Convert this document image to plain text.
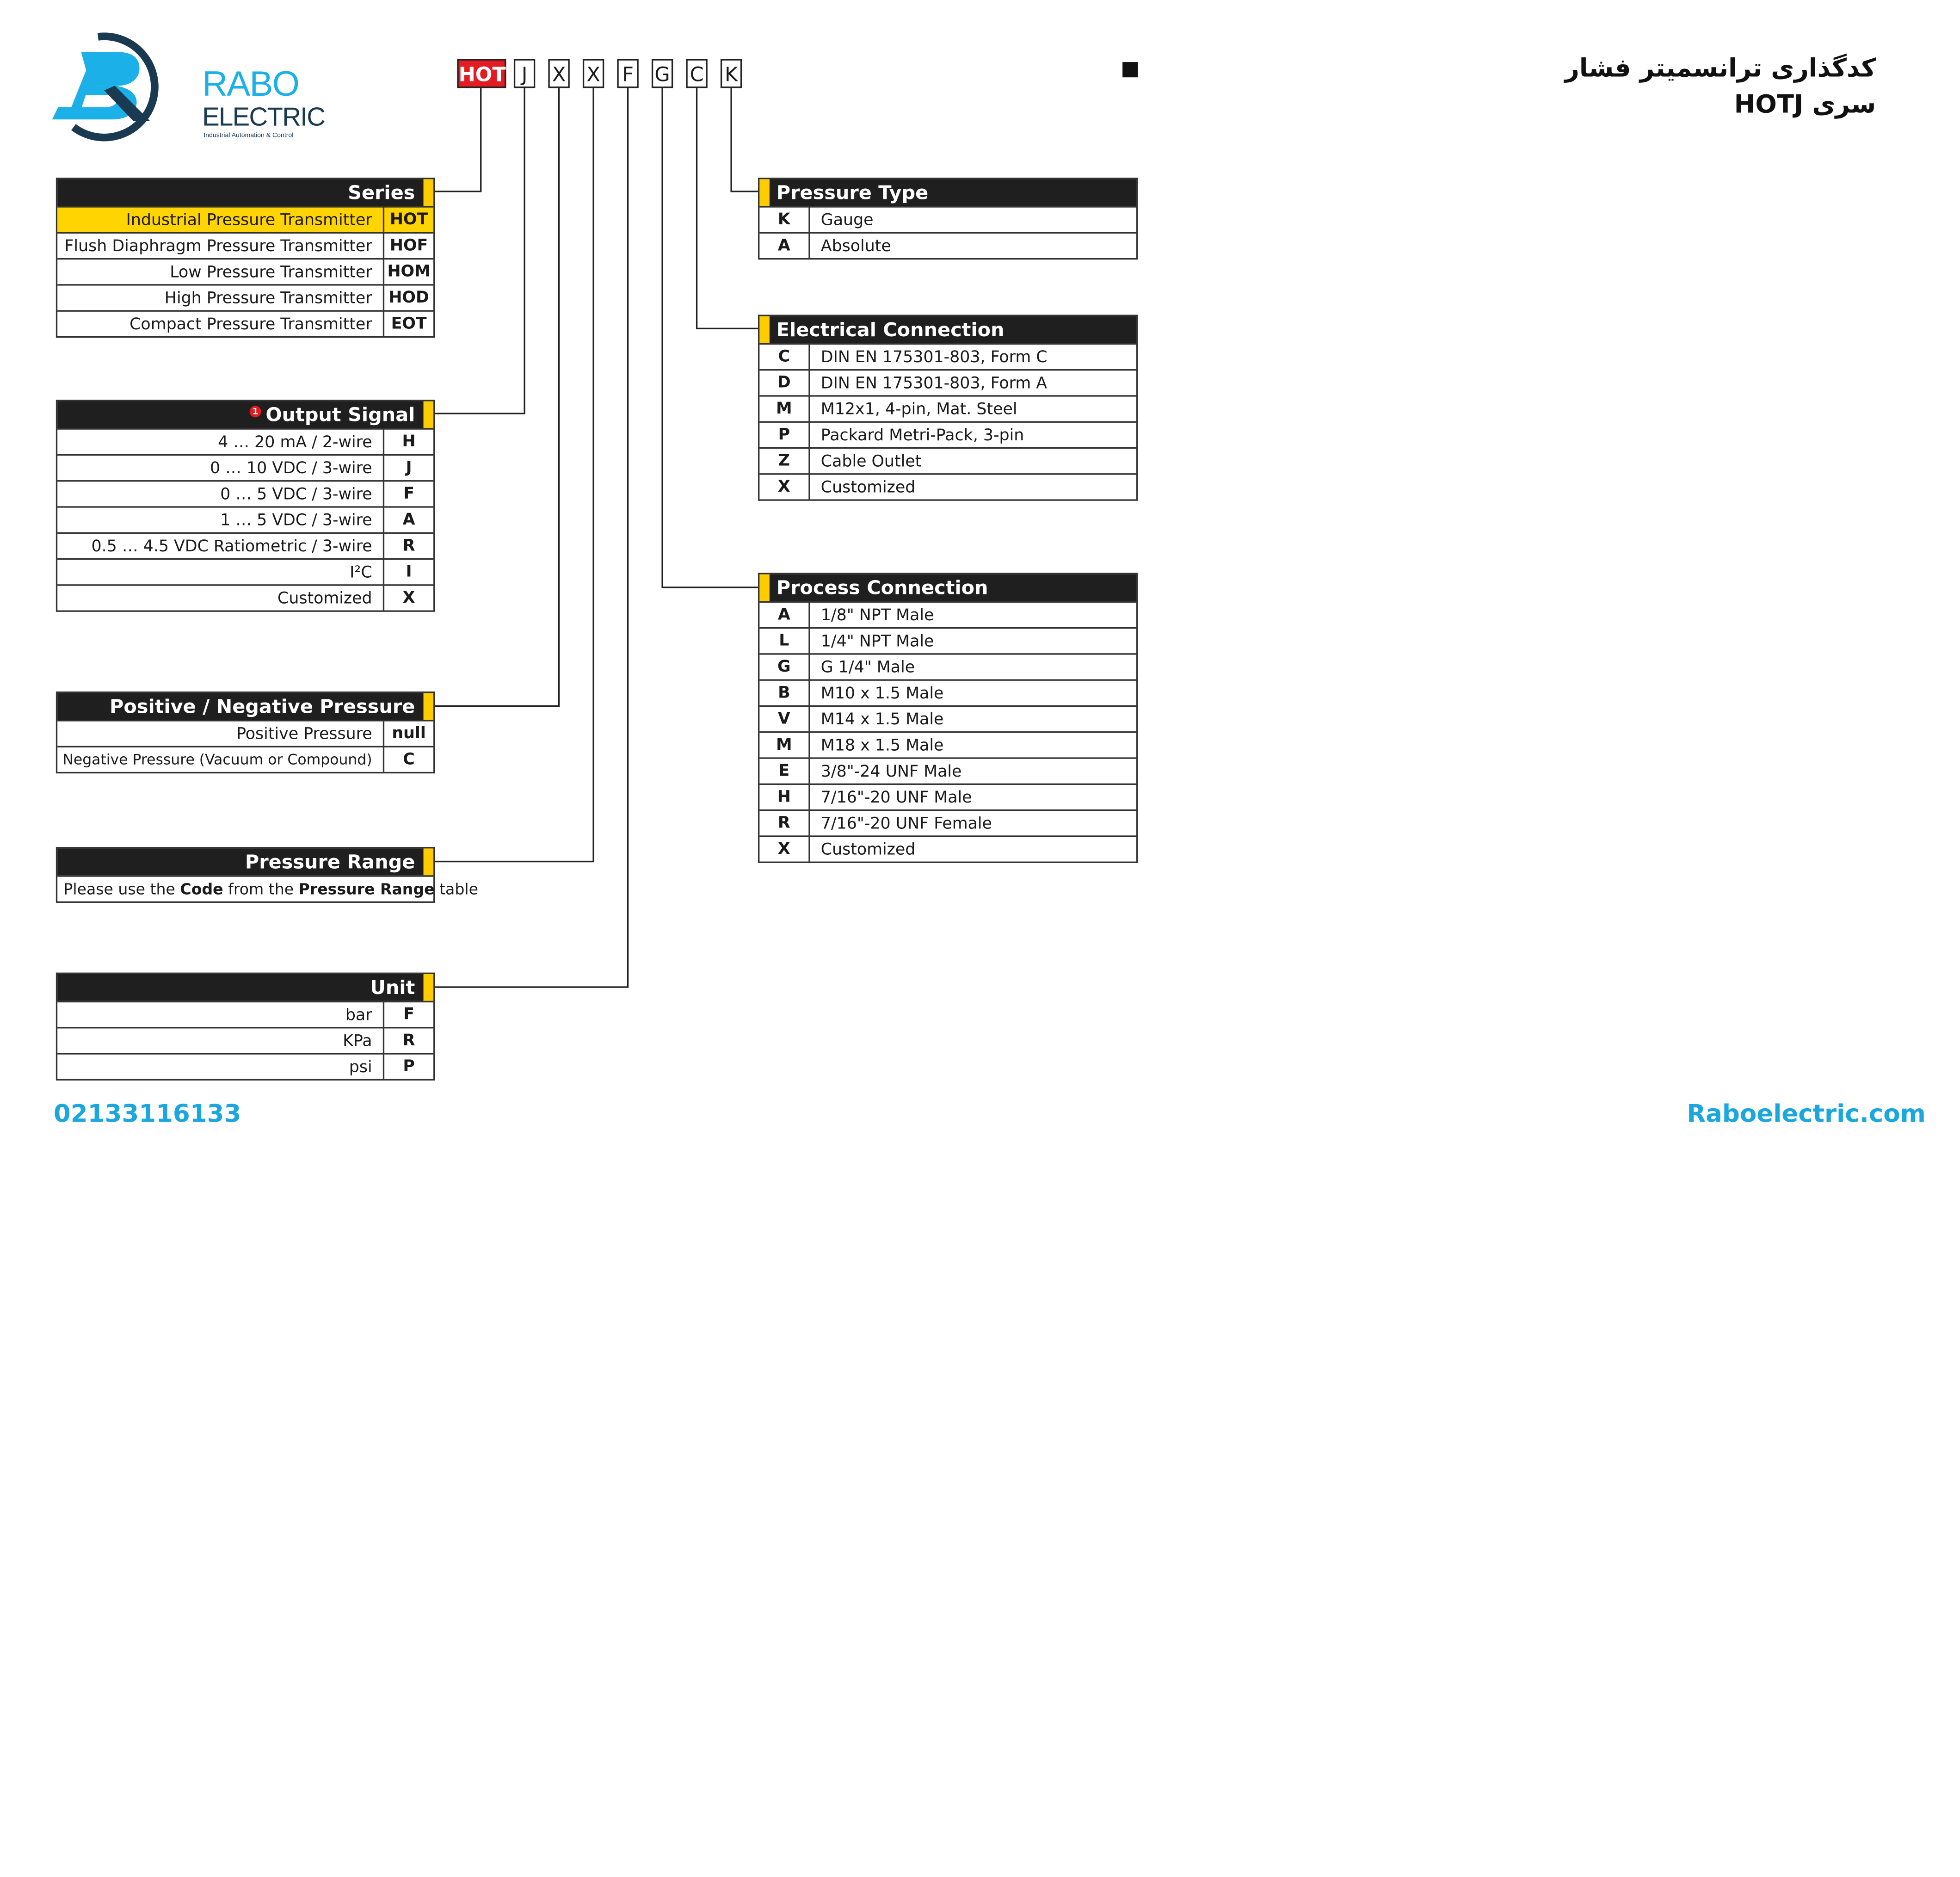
RABO
ELECTRIC
Industrial Automation & Control
کدگذاری ترانسمیتر فشار
سری HOTJ
HOT	J	X	X	F	G	C	K
Series
Industrial Pressure Transmitter	HOT
Flush Diaphragm Pressure Transmitter	HOF
Low Pressure Transmitter	HOM
High Pressure Transmitter	HOD
Compact Pressure Transmitter	EOT
1 Output Signal
4 … 20 mA / 2-wire	H
0 … 10 VDC / 3-wire	J
0 … 5 VDC / 3-wire	F
1 … 5 VDC / 3-wire	A
0.5 … 4.5 VDC Ratiometric / 3-wire	R
I²C	I
Customized	X
Positive / Negative Pressure
Positive Pressure	null
Negative Pressure (Vacuum or Compound)	C
Pressure Range
Please use the Code from the Pressure Range table
Unit
bar	F
KPa	R
psi	P
Pressure Type
K	Gauge
A	Absolute
Electrical Connection
C	DIN EN 175301-803, Form C
D	DIN EN 175301-803, Form A
M	M12x1, 4-pin, Mat. Steel
P	Packard Metri-Pack, 3-pin
Z	Cable Outlet
X	Customized
Process Connection
A	1/8" NPT Male
L	1/4" NPT Male
G	G 1/4" Male
B	M10 x 1.5 Male
V	M14 x 1.5 Male
M	M18 x 1.5 Male
E	3/8"-24 UNF Male
H	7/16"-20 UNF Male
R	7/16"-20 UNF Female
X	Customized
02133116133	Raboelectric.com
